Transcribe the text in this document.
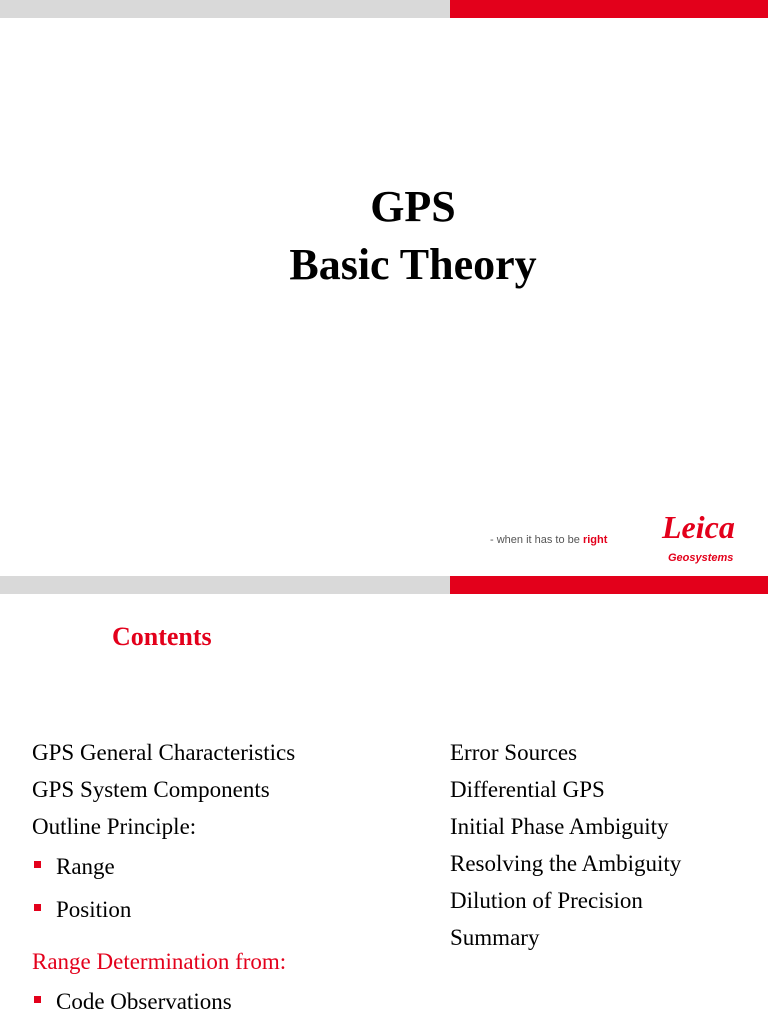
GPS
Basic Theory
- when it has to be right Leica
Geosystems
Contents
GPS General Characteristics
GPS System Components
Outline Principle:
Range
Position
Range Determination from:
Code Observations
Error Sources
Differential GPS
Initial Phase Ambiguity
Resolving the Ambiguity
Dilution of Precision
Summary
